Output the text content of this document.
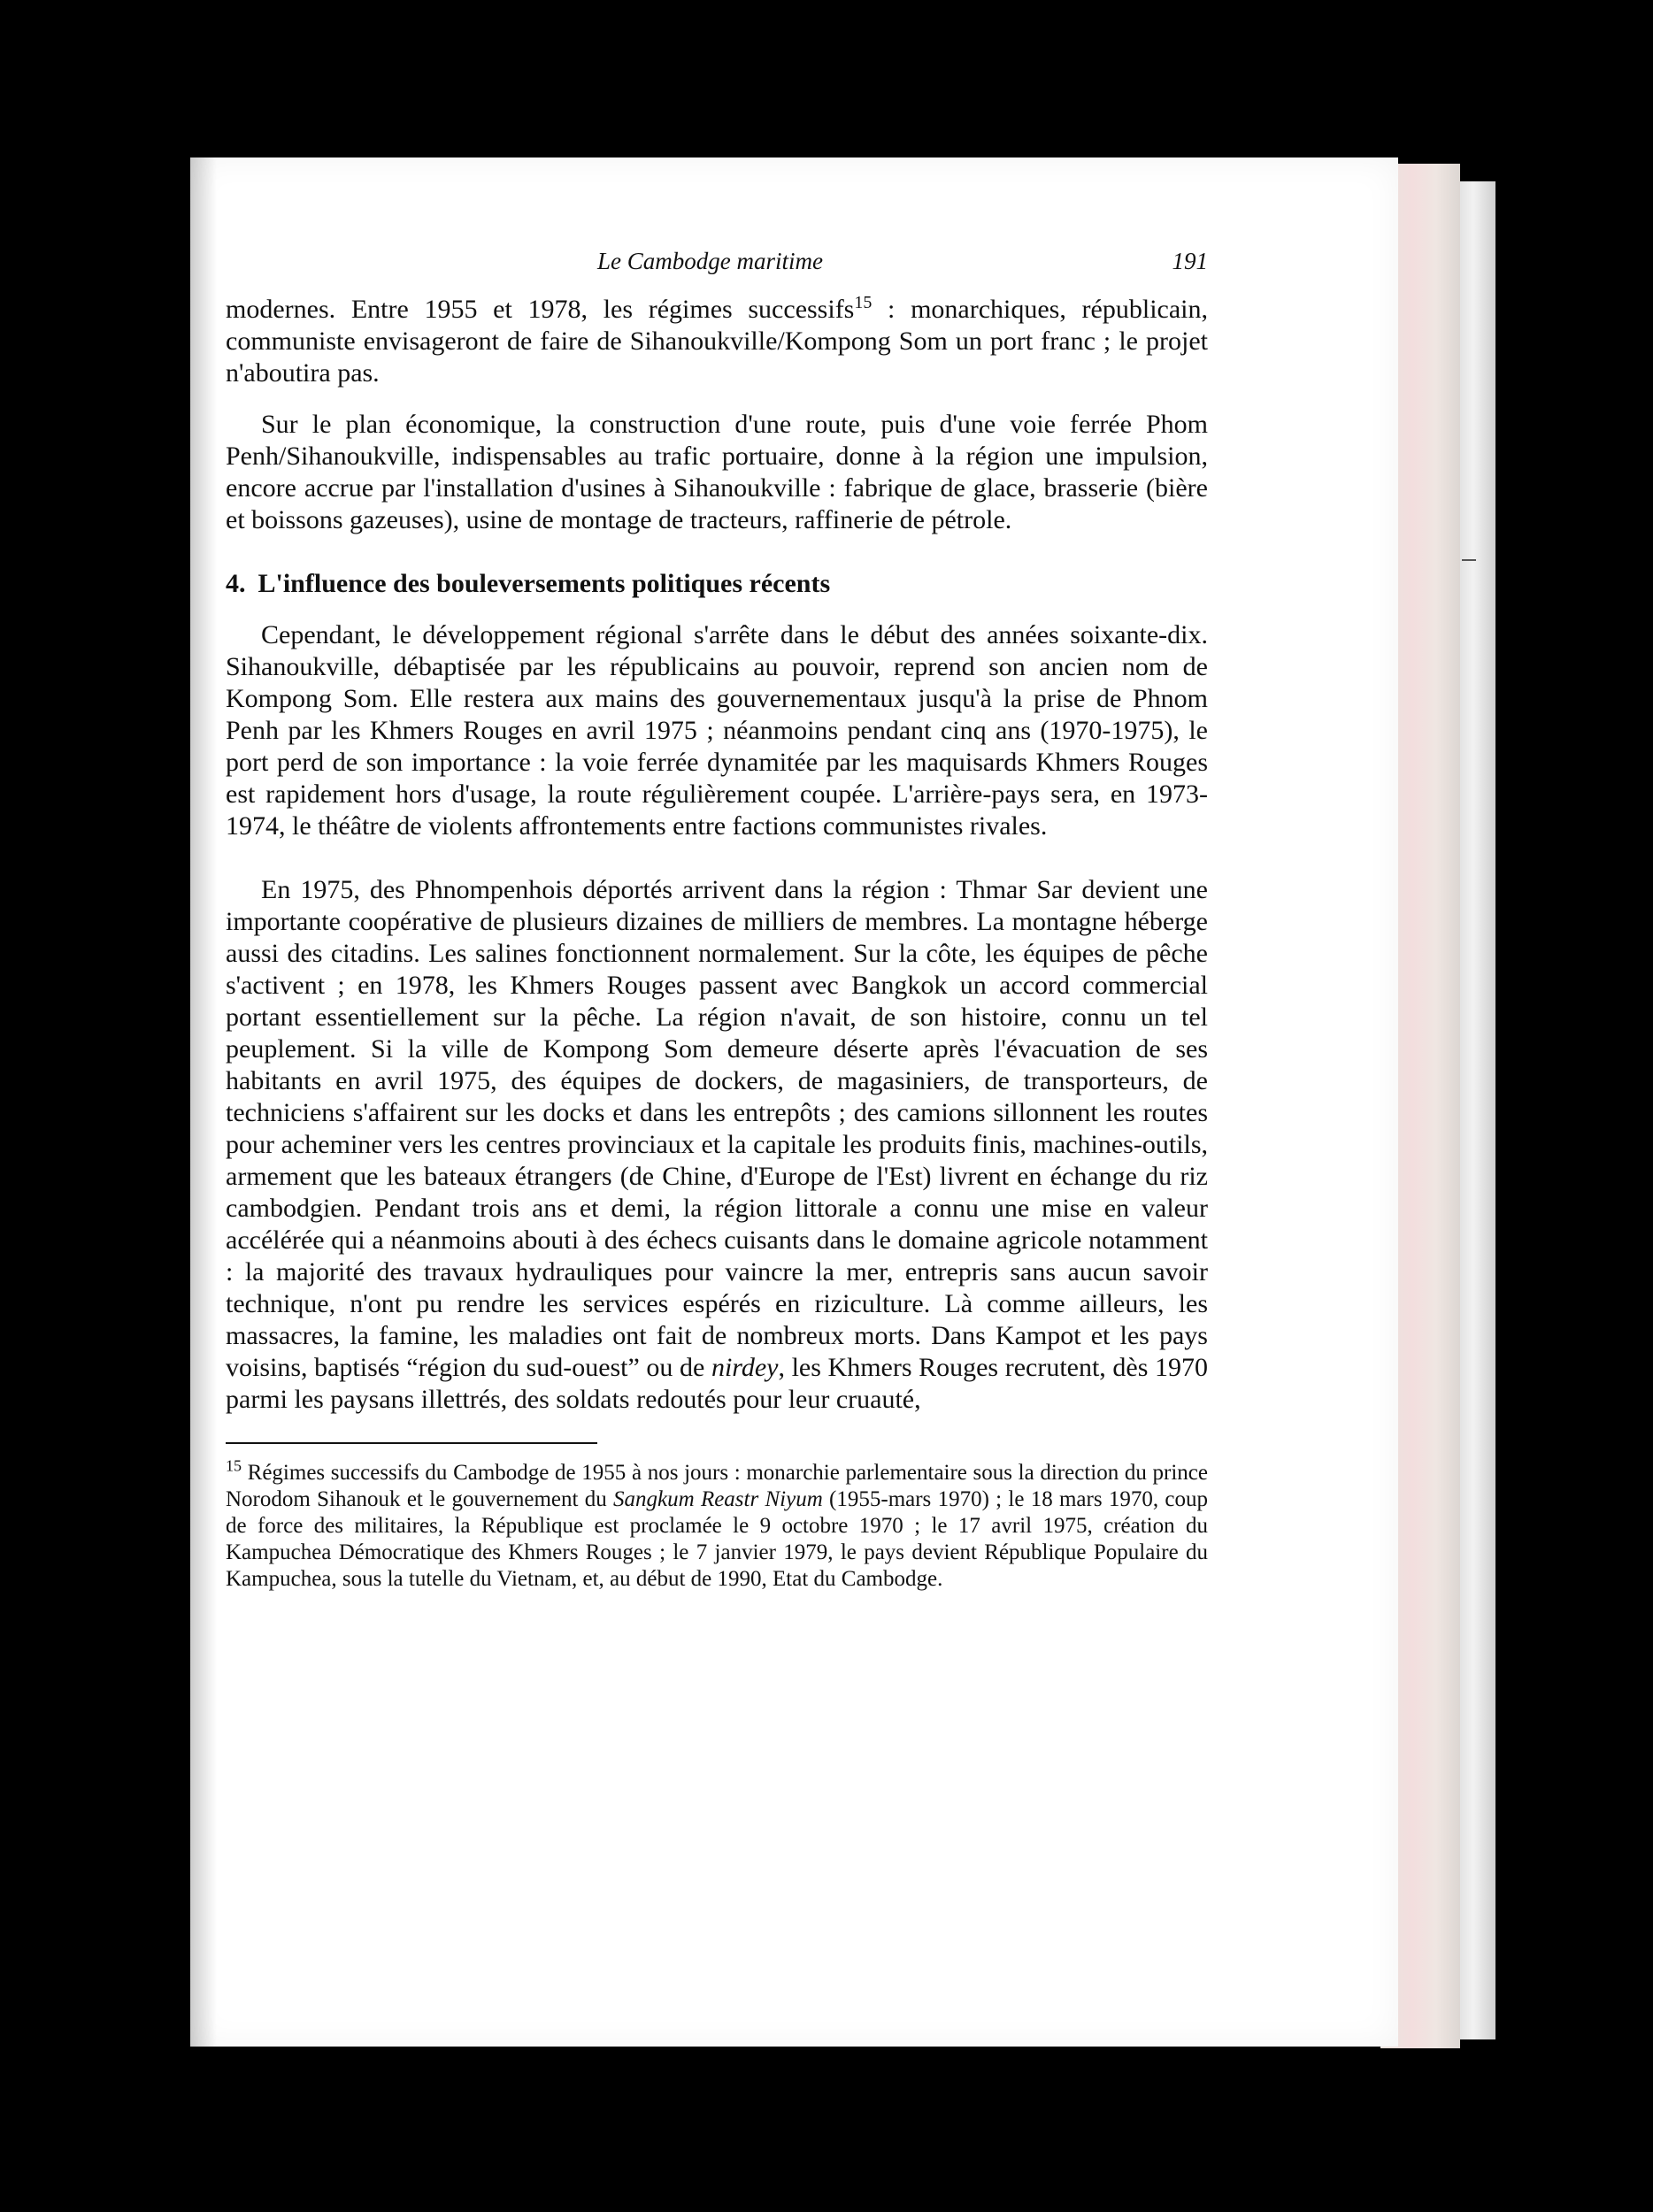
Le Cambodge maritime	191

modernes. Entre 1955 et 1978, les régimes successifs$^{15}$ : monarchiques, républicain, communiste envisageront de faire de Sihanoukville/Kompong Som un port franc ; le projet n'aboutira pas.

Sur le plan économique, la construction d'une route, puis d'une voie ferrée Phom Penh/Sihanoukville, indispensables au trafic portuaire, donne à la région une impulsion, encore accrue par l'installation d'usines à Sihanoukville : fabrique de glace, brasserie (bière et boissons gazeuses), usine de montage de tracteurs, raffinerie de pétrole.

4. L'influence des bouleversements politiques récents

Cependant, le développement régional s'arrête dans le début des années soixante-dix. Sihanoukville, débaptisée par les républicains au pouvoir, reprend son ancien nom de Kompong Som. Elle restera aux mains des gouvernementaux jusqu'à la prise de Phnom Penh par les Khmers Rouges en avril 1975 ; néanmoins pendant cinq ans (1970-1975), le port perd de son importance : la voie ferrée dynamitée par les maquisards Khmers Rouges est rapidement hors d'usage, la route régulièrement coupée. L'arrière-pays sera, en 1973-1974, le théâtre de violents affrontements entre factions communistes rivales.

En 1975, des Phnompenhois déportés arrivent dans la région : Thmar Sar devient une importante coopérative de plusieurs dizaines de milliers de membres. La montagne héberge aussi des citadins. Les salines fonctionnent normalement. Sur la côte, les équipes de pêche s'activent ; en 1978, les Khmers Rouges passent avec Bangkok un accord commercial portant essentiellement sur la pêche. La région n'avait, de son histoire, connu un tel peuplement. Si la ville de Kompong Som demeure déserte après l'évacuation de ses habitants en avril 1975, des équipes de dockers, de magasiniers, de transporteurs, de techniciens s'affairent sur les docks et dans les entrepôts ; des camions sillonnent les routes pour acheminer vers les centres provinciaux et la capitale les produits finis, machines-outils, armement que les bateaux étrangers (de Chine, d'Europe de l'Est) livrent en échange du riz cambodgien. Pendant trois ans et demi, la région littorale a connu une mise en valeur accélérée qui a néanmoins abouti à des échecs cuisants dans le domaine agricole notamment : la majorité des travaux hydrauliques pour vaincre la mer, entrepris sans aucun savoir technique, n'ont pu rendre les services espérés en riziculture. Là comme ailleurs, les massacres, la famine, les maladies ont fait de nombreux morts. Dans Kampot et les pays voisins, baptisés “région du sud-ouest” ou de nirdey, les Khmers Rouges recrutent, dès 1970 parmi les paysans illettrés, des soldats redoutés pour leur cruauté,

$^{15}$ Régimes successifs du Cambodge de 1955 à nos jours : monarchie parlementaire sous la direction du prince Norodom Sihanouk et le gouvernement du Sangkum Reastr Niyum (1955-mars 1970) ; le 18 mars 1970, coup de force des militaires, la République est proclamée le 9 octobre 1970 ; le 17 avril 1975, création du Kampuchea Démocratique des Khmers Rouges ; le 7 janvier 1979, le pays devient République Populaire du Kampuchea, sous la tutelle du Vietnam, et, au début de 1990, Etat du Cambodge.
